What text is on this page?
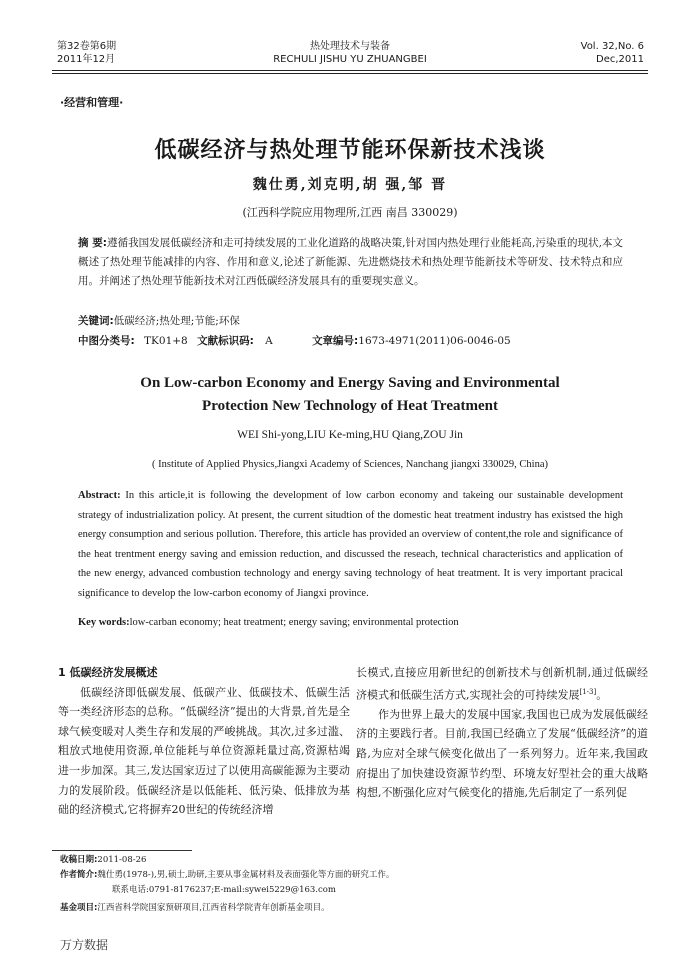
第32卷第6期
2011年12月
热处理技术与装备
RECHULI JISHU YU ZHUANGBEI
Vol. 32,No. 6
Dec,2011
·经营和管理·
低碳经济与热处理节能环保新技术浅谈
魏仕勇,刘克明,胡 强,邹 晋
(江西科学院应用物理所,江西 南昌 330029)
摘 要:遵循我国发展低碳经济和走可持续发展的工业化道路的战略决策,针对国内热处理行业能耗高,污染重的现状,本文概述了热处理节能减排的内容、作用和意义,论述了新能源、先进燃烧技术和热处理节能新技术等研发、技术特点和应用。并阐述了热处理节能新技术对江西低碳经济发展具有的重要现实意义。
关键词:低碳经济;热处理;节能;环保
中图分类号: TK01+8 文献标识码: A	文章编号:1673-4971(2011)06-0046-05
On Low-carbon Economy and Energy Saving and Environmental
Protection New Technology of Heat Treatment
WEI Shi-yong,LIU Ke-ming,HU Qiang,ZOU Jin
( Institute of Applied Physics,Jiangxi Academy of Sciences, Nanchang jiangxi 330029, China)
Abstract: In this article,it is following the development of low carbon economy and takeing our sustainable development strategy of industrialization policy. At present, the current situdtion of the domestic heat treatment industry has existsed the high energy consumption and serious pollution. Therefore, this article has provided an overview of content,the role and significance of the heat trentment energy saving and emission reduction, and discussed the reseach, technical characteristics and application of the new energy, advanced combustion technology and energy saving technology of heat treatment. It is very important pracical significance to develop the low-carbon economy of Jiangxi province.
Key words:low-carban economy; heat treatment; energy saving; environmental protection

1 低碳经济发展概述

低碳经济即低碳发展、低碳产业、低碳技术、低碳生活等一类经济形态的总称。“低碳经济”提出的大背景,首先是全球气候变暖对人类生存和发展的严峻挑战。其次,过多过滥、粗放式地使用资源,单位能耗与单位资源耗量过高,资源枯竭进一步加深。其三,发达国家迈过了以使用高碳能源为主要动力的发展阶段。低碳经济是以低能耗、低污染、低排放为基础的经济模式,它将摒弃20世纪的传统经济增

长模式,直接应用新世纪的创新技术与创新机制,通过低碳经济模式和低碳生活方式,实现社会的可持续发展[1-3]。

作为世界上最大的发展中国家,我国也已成为发展低碳经济的主要践行者。目前,我国已经确立了发展“低碳经济”的道路,为应对全球气候变化做出了一系列努力。近年来,我国政府提出了加快建设资源节约型、环境友好型社会的重大战略构想,不断强化应对气候变化的措施,先后制定了一系列促

收稿日期:2011-08-26
作者简介:魏仕勇(1978-),男,硕士,助研,主要从事金属材料及表面强化等方面的研究工作。
联系电话:0791-8176237;E-mail:sywei5229@163.com
基金项目:江西省科学院国家预研项目,江西省科学院青年创新基金项目。
万方数据
